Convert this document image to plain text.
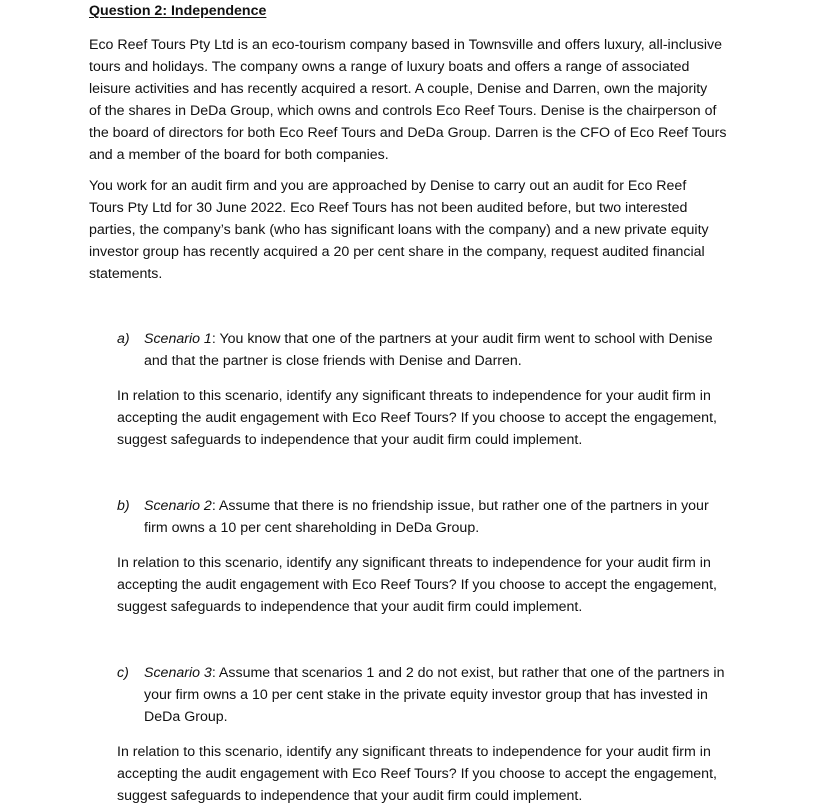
Question 2: Independence

Eco Reef Tours Pty Ltd is an eco-tourism company based in Townsville and offers luxury, all-inclusive
tours and holidays. The company owns a range of luxury boats and offers a range of associated
leisure activities and has recently acquired a resort. A couple, Denise and Darren, own the majority
of the shares in DeDa Group, which owns and controls Eco Reef Tours. Denise is the chairperson of
the board of directors for both Eco Reef Tours and DeDa Group. Darren is the CFO of Eco Reef Tours
and a member of the board for both companies.

You work for an audit firm and you are approached by Denise to carry out an audit for Eco Reef
Tours Pty Ltd for 30 June 2022. Eco Reef Tours has not been audited before, but two interested
parties, the company’s bank (who has significant loans with the company) and a new private equity
investor group has recently acquired a 20 per cent share in the company, request audited financial
statements.

a) Scenario 1: You know that one of the partners at your audit firm went to school with Denise
and that the partner is close friends with Denise and Darren.
In relation to this scenario, identify any significant threats to independence for your audit firm in
accepting the audit engagement with Eco Reef Tours? If you choose to accept the engagement,
suggest safeguards to independence that your audit firm could implement.
b) Scenario 2: Assume that there is no friendship issue, but rather one of the partners in your
firm owns a 10 per cent shareholding in DeDa Group.
In relation to this scenario, identify any significant threats to independence for your audit firm in
accepting the audit engagement with Eco Reef Tours? If you choose to accept the engagement,
suggest safeguards to independence that your audit firm could implement.
c) Scenario 3: Assume that scenarios 1 and 2 do not exist, but rather that one of the partners in
your firm owns a 10 per cent stake in the private equity investor group that has invested in
DeDa Group.
In relation to this scenario, identify any significant threats to independence for your audit firm in
accepting the audit engagement with Eco Reef Tours? If you choose to accept the engagement,
suggest safeguards to independence that your audit firm could implement.
